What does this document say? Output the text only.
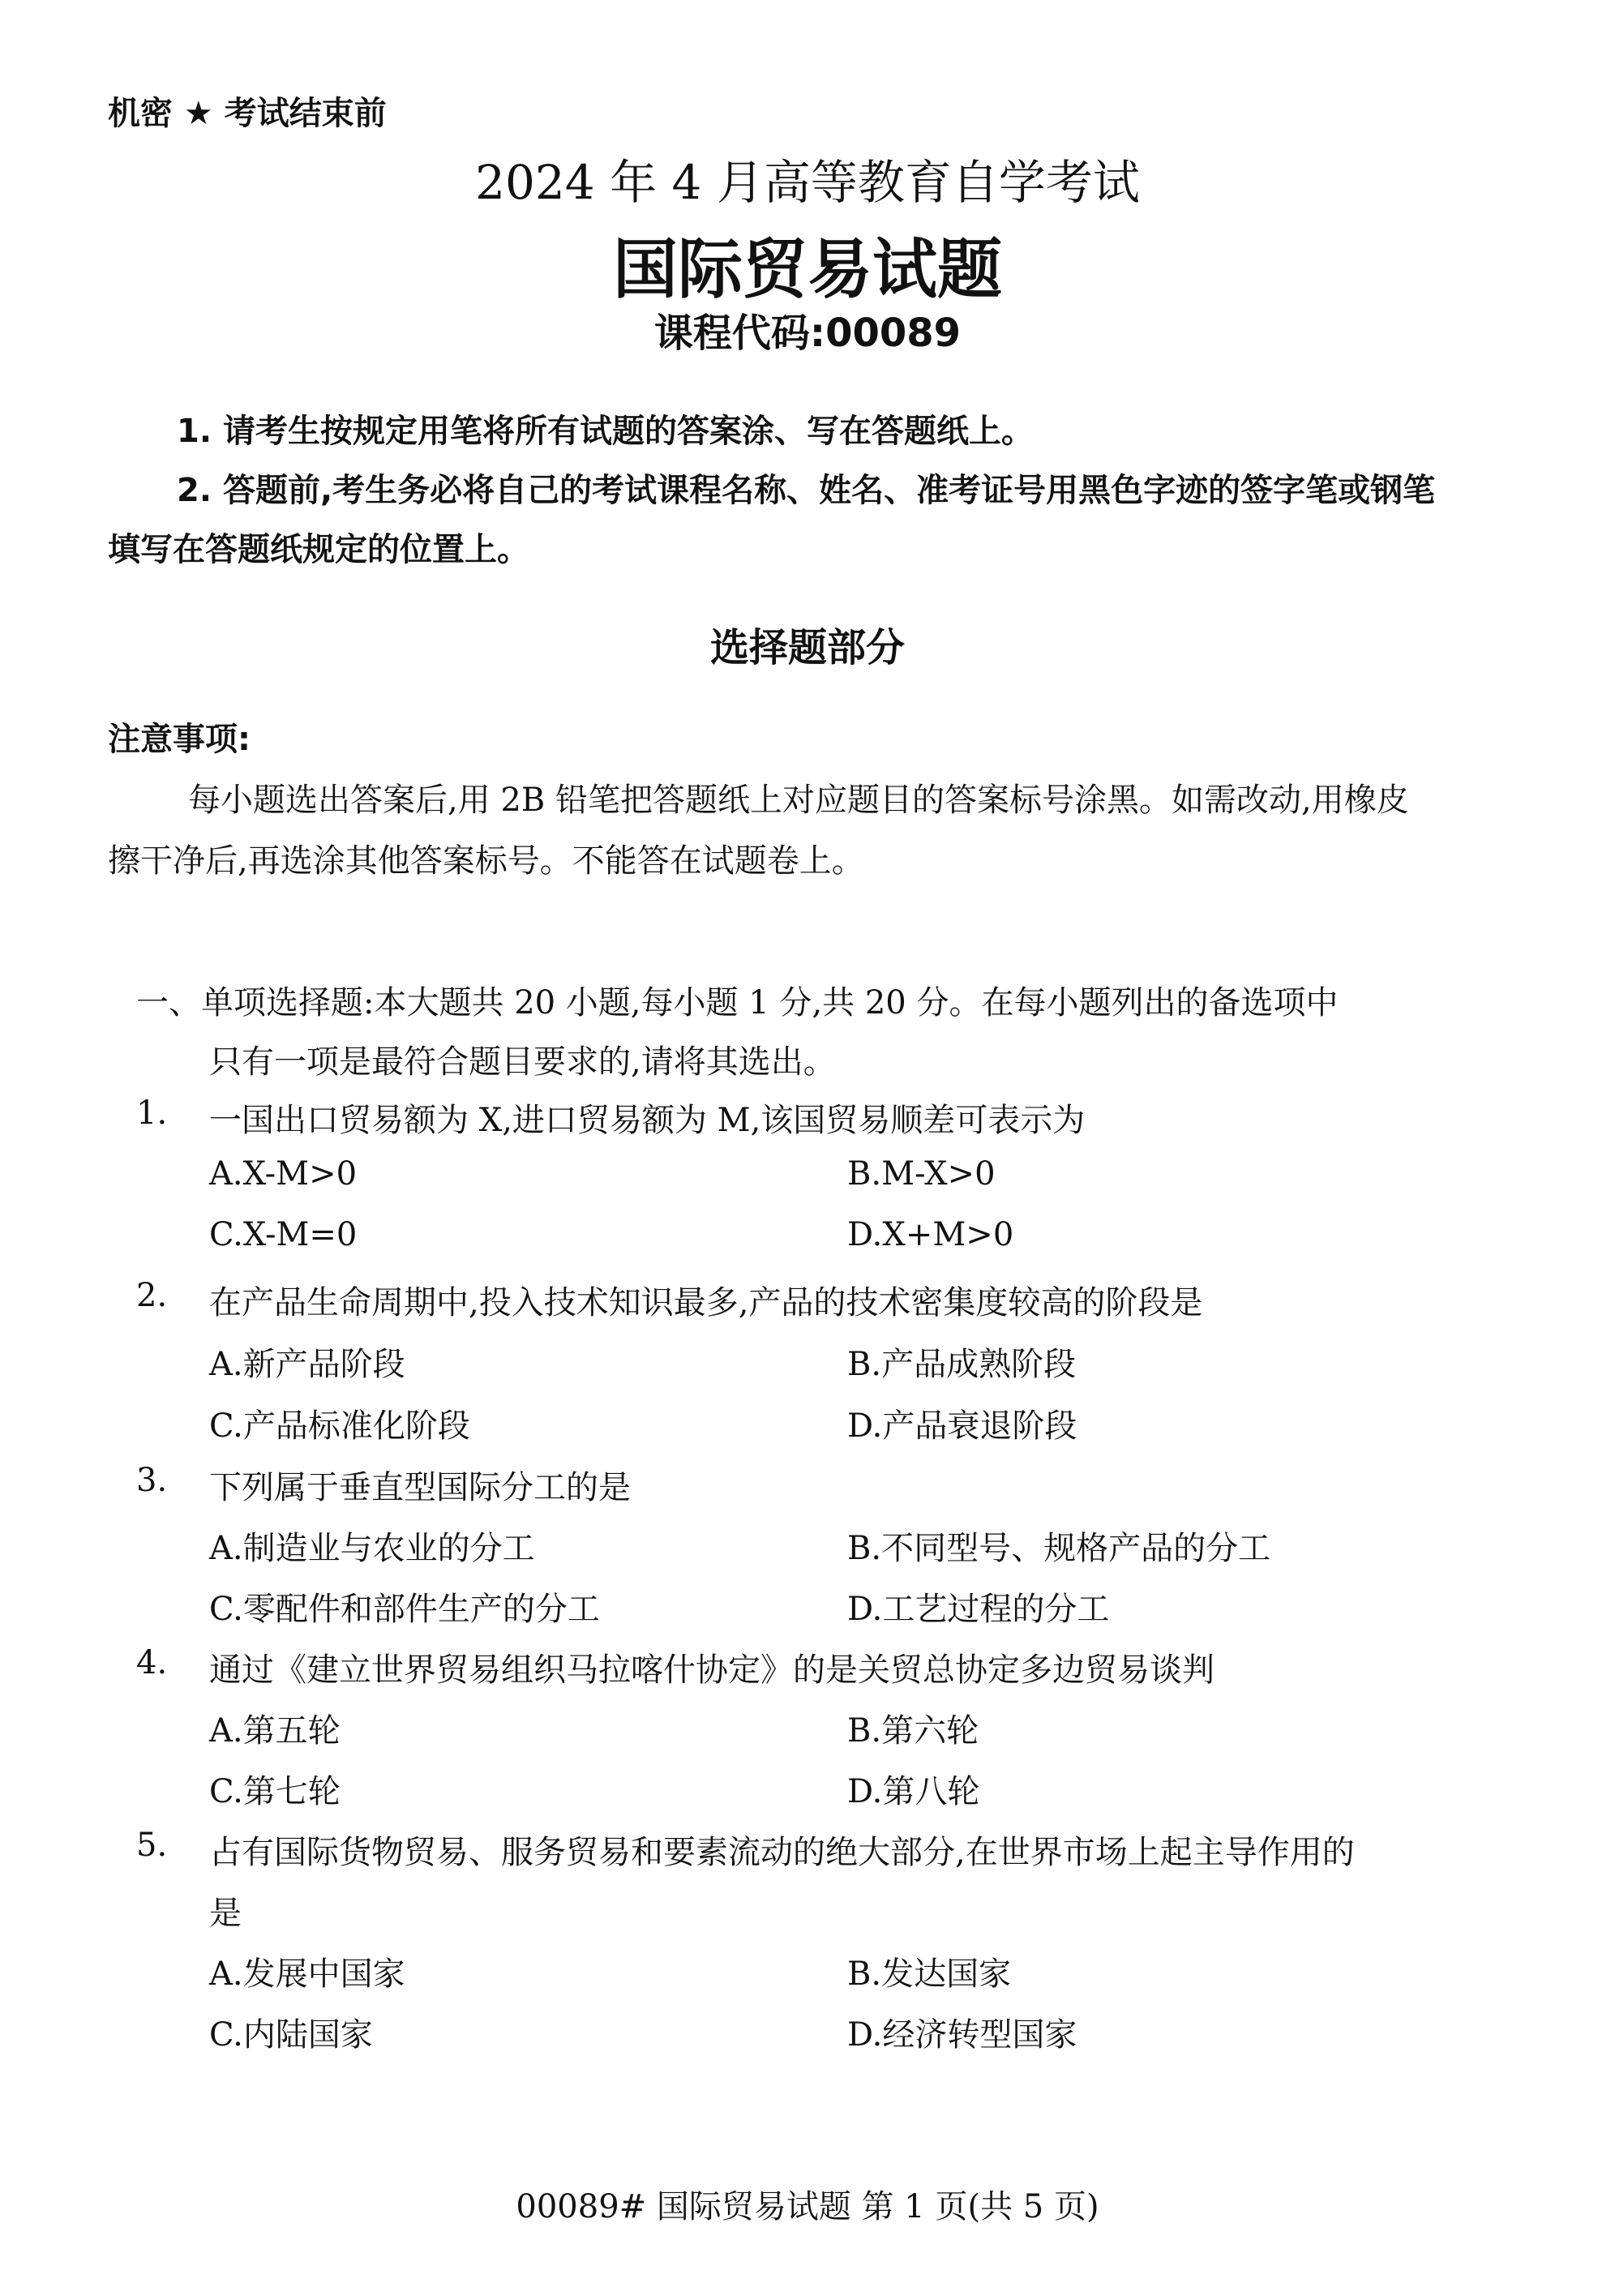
机密 ★ 考试结束前
2024 年 4 月高等教育自学考试
国际贸易试题
课程代码:00089
1. 请考生按规定用笔将所有试题的答案涂、写在答题纸上。
2. 答题前,考生务必将自己的考试课程名称、姓名、准考证号用黑色字迹的签字笔或钢笔
填写在答题纸规定的位置上。
选择题部分
注意事项:
每小题选出答案后,用 2B 铅笔把答题纸上对应题目的答案标号涂黑。如需改动,用橡皮
擦干净后,再选涂其他答案标号。不能答在试题卷上。
一、单项选择题:本大题共 20 小题,每小题 1 分,共 20 分。在每小题列出的备选项中
只有一项是最符合题目要求的,请将其选出。
1. 一国出口贸易额为 X,进口贸易额为 M,该国贸易顺差可表示为
A.X-M>0	B.M-X>0
C.X-M=0	D.X+M>0
2. 在产品生命周期中,投入技术知识最多,产品的技术密集度较高的阶段是
A.新产品阶段	B.产品成熟阶段
C.产品标准化阶段	D.产品衰退阶段
3. 下列属于垂直型国际分工的是
A.制造业与农业的分工	B.不同型号、规格产品的分工
C.零配件和部件生产的分工	D.工艺过程的分工
4. 通过《建立世界贸易组织马拉喀什协定》的是关贸总协定多边贸易谈判
A.第五轮	B.第六轮
C.第七轮	D.第八轮
5. 占有国际货物贸易、服务贸易和要素流动的绝大部分,在世界市场上起主导作用的
是
A.发展中国家	B.发达国家
C.内陆国家	D.经济转型国家
00089# 国际贸易试题 第 1 页(共 5 页)
